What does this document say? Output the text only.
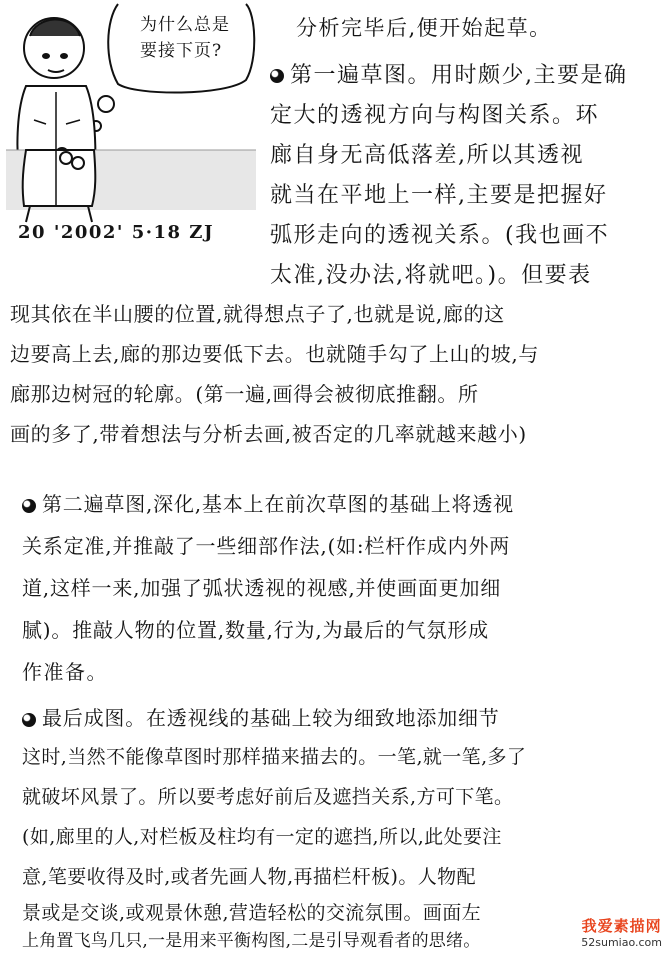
为什么总是
要接下页?
20 '2002' 5·18 ZJ
分析完毕后,便开始起草。
第一遍草图。用时颇少,主要是确
定大的透视方向与构图关系。环
廊自身无高低落差,所以其透视
就当在平地上一样,主要是把握好
弧形走向的透视关系。(我也画不
太准,没办法,将就吧。)。但要表
现其依在半山腰的位置,就得想点子了,也就是说,廊的这
边要高上去,廊的那边要低下去。也就随手勾了上山的坡,与
廊那边树冠的轮廓。(第一遍,画得会被彻底推翻。所
画的多了,带着想法与分析去画,被否定的几率就越来越小)
第二遍草图,深化,基本上在前次草图的基础上将透视
关系定准,并推敲了一些细部作法,(如:栏杆作成内外两
道,这样一来,加强了弧状透视的视感,并使画面更加细
腻)。推敲人物的位置,数量,行为,为最后的气氛形成
作准备。
最后成图。在透视线的基础上较为细致地添加细节
这时,当然不能像草图时那样描来描去的。一笔,就一笔,多了
就破坏风景了。所以要考虑好前后及遮挡关系,方可下笔。
(如,廊里的人,对栏板及柱均有一定的遮挡,所以,此处要注
意,笔要收得及时,或者先画人物,再描栏杆板)。人物配
景或是交谈,或观景休憩,营造轻松的交流氛围。画面左
上角置飞鸟几只,一是用来平衡构图,二是引导观看者的思绪。
我爱素描网
52sumiao.com
